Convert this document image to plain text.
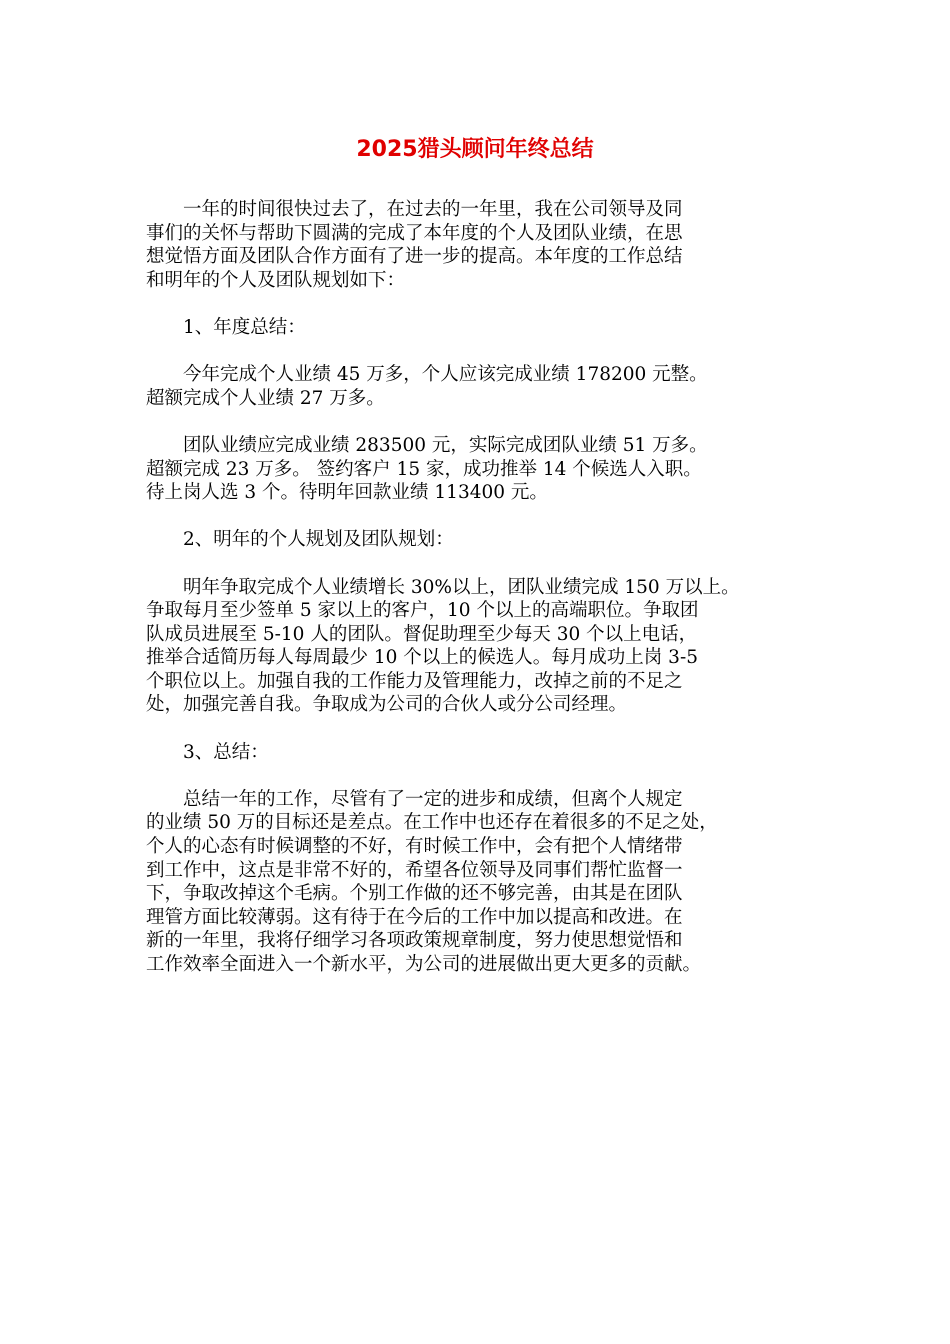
2025猎头顾问年终总结
一年的时间很快过去了，在过去的一年里，我在公司领导及同
事们的关怀与帮助下圆满的完成了本年度的个人及团队业绩，在思
想觉悟方面及团队合作方面有了进一步的提高。本年度的工作总结
和明年的个人及团队规划如下：
1、年度总结：
今年完成个人业绩 45 万多，个人应该完成业绩 178200 元整。
超额完成个人业绩 27 万多。
团队业绩应完成业绩 283500 元，实际完成团队业绩 51 万多。
超额完成 23 万多。 签约客户 15 家，成功推举 14 个候选人入职。
待上岗人选 3 个。待明年回款业绩 113400 元。
2、明年的个人规划及团队规划：
明年争取完成个人业绩增长 30%以上，团队业绩完成 150 万以上。
争取每月至少签单 5 家以上的客户，10 个以上的高端职位。争取团
队成员进展至 5-10 人的团队。督促助理至少每天 30 个以上电话，
推举合适简历每人每周最少 10 个以上的候选人。每月成功上岗 3-5
个职位以上。加强自我的工作能力及管理能力，改掉之前的不足之
处，加强完善自我。争取成为公司的合伙人或分公司经理。
3、总结：
总结一年的工作，尽管有了一定的进步和成绩，但离个人规定
的业绩 50 万的目标还是差点。在工作中也还存在着很多的不足之处，
个人的心态有时候调整的不好，有时候工作中，会有把个人情绪带
到工作中，这点是非常不好的，希望各位领导及同事们帮忙监督一
下，争取改掉这个毛病。个别工作做的还不够完善，由其是在团队
理管方面比较薄弱。这有待于在今后的工作中加以提高和改进。在
新的一年里，我将仔细学习各项政策规章制度，努力使思想觉悟和
工作效率全面进入一个新水平，为公司的进展做出更大更多的贡献。
